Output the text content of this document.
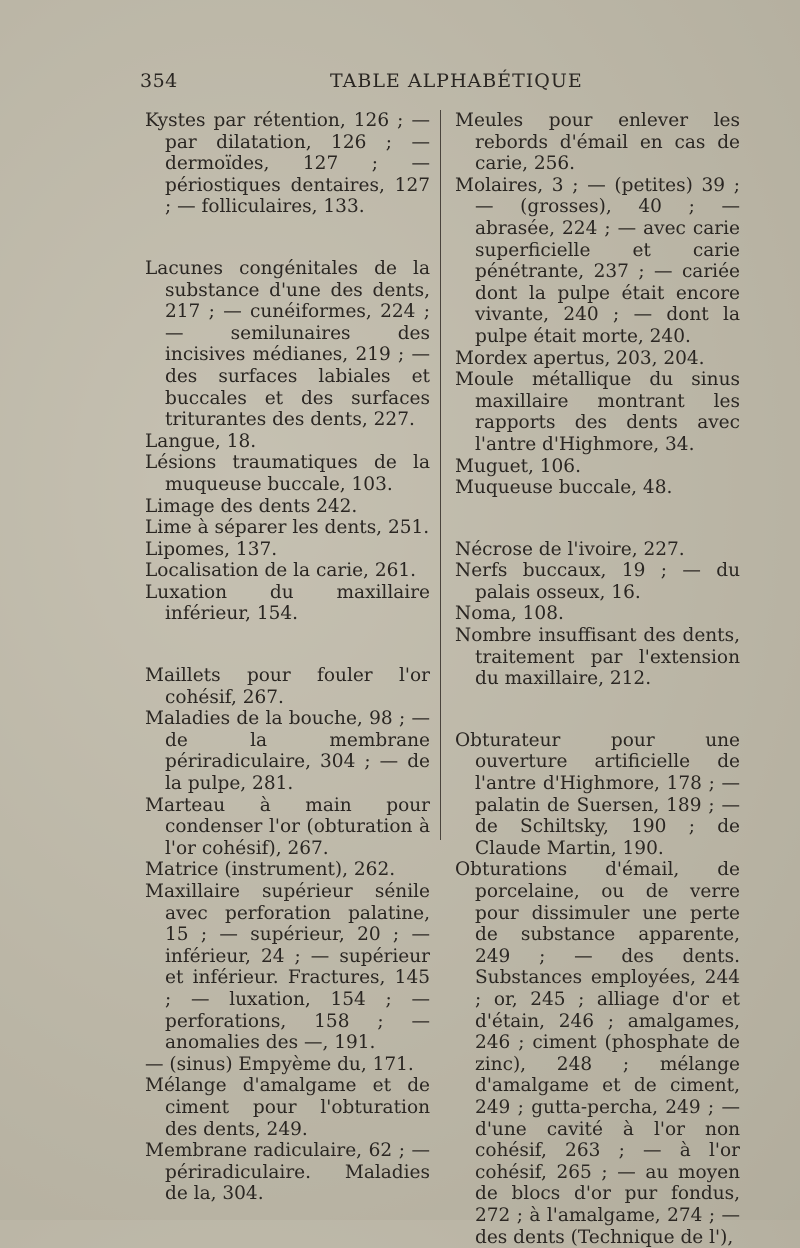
354	TABLE ALPHABÉTIQUE

Kystes par rétention, 126 ; — par dilatation, 126 ; — dermoïdes, 127 ; — périostiques dentaires, 127 ; — folliculaires, 133.

Lacunes congénitales de la substance d'une des dents, 217 ; — cunéiformes, 224 ; — semilunaires des incisives médianes, 219 ; — des surfaces labiales et buccales et des surfaces triturantes des dents, 227.

Langue, 18.

Lésions traumatiques de la muqueuse buccale, 103.

Limage des dents 242.

Lime à séparer les dents, 251.

Lipomes, 137.

Localisation de la carie, 261.

Luxation du maxillaire inférieur, 154.

Maillets pour fouler l'or cohésif, 267.

Maladies de la bouche, 98 ; — de la membrane périradiculaire, 304 ; — de la pulpe, 281.

Marteau à main pour condenser l'or (obturation à l'or cohésif), 267.

Matrice (instrument), 262.

Maxillaire supérieur sénile avec perforation palatine, 15 ; — supérieur, 20 ; — inférieur, 24 ; — supérieur et inférieur. Fractures, 145 ; — luxation, 154 ; — perforations, 158 ; — anomalies des —, 191.

— (sinus) Empyème du, 171.

Mélange d'amalgame et de ciment pour l'obturation des dents, 249.

Membrane radiculaire, 62 ; — périradiculaire. Maladies de la, 304.

Meules pour enlever les rebords d'émail en cas de carie, 256.

Molaires, 3 ; — (petites) 39 ; — (grosses), 40 ; — abrasée, 224 ; — avec carie superficielle et carie pénétrante, 237 ; — cariée dont la pulpe était encore vivante, 240 ; — dont la pulpe était morte, 240.

Mordex apertus, 203, 204.

Moule métallique du sinus maxillaire montrant les rapports des dents avec l'antre d'Highmore, 34.

Muguet, 106.

Muqueuse buccale, 48.

Nécrose de l'ivoire, 227.

Nerfs buccaux, 19 ; — du palais osseux, 16.

Noma, 108.

Nombre insuffisant des dents, traitement par l'extension du maxillaire, 212.

Obturateur pour une ouverture artificielle de l'antre d'Highmore, 178 ; — palatin de Suersen, 189 ; — de Schiltsky, 190 ; de Claude Martin, 190.

Obturations d'émail, de porcelaine, ou de verre pour dissimuler une perte de substance apparente, 249 ; — des dents. Substances employées, 244 ; or, 245 ; alliage d'or et d'étain, 246 ; amalgames, 246 ; ciment (phosphate de zinc), 248 ; mélange d'amalgame et de ciment, 249 ; gutta-percha, 249 ; — d'une cavité à l'or non cohésif, 263 ; — à l'or cohésif, 265 ; — au moyen de blocs d'or pur fondus, 272 ; à l'amalgame, 274 ; — des dents (Technique de l'),
